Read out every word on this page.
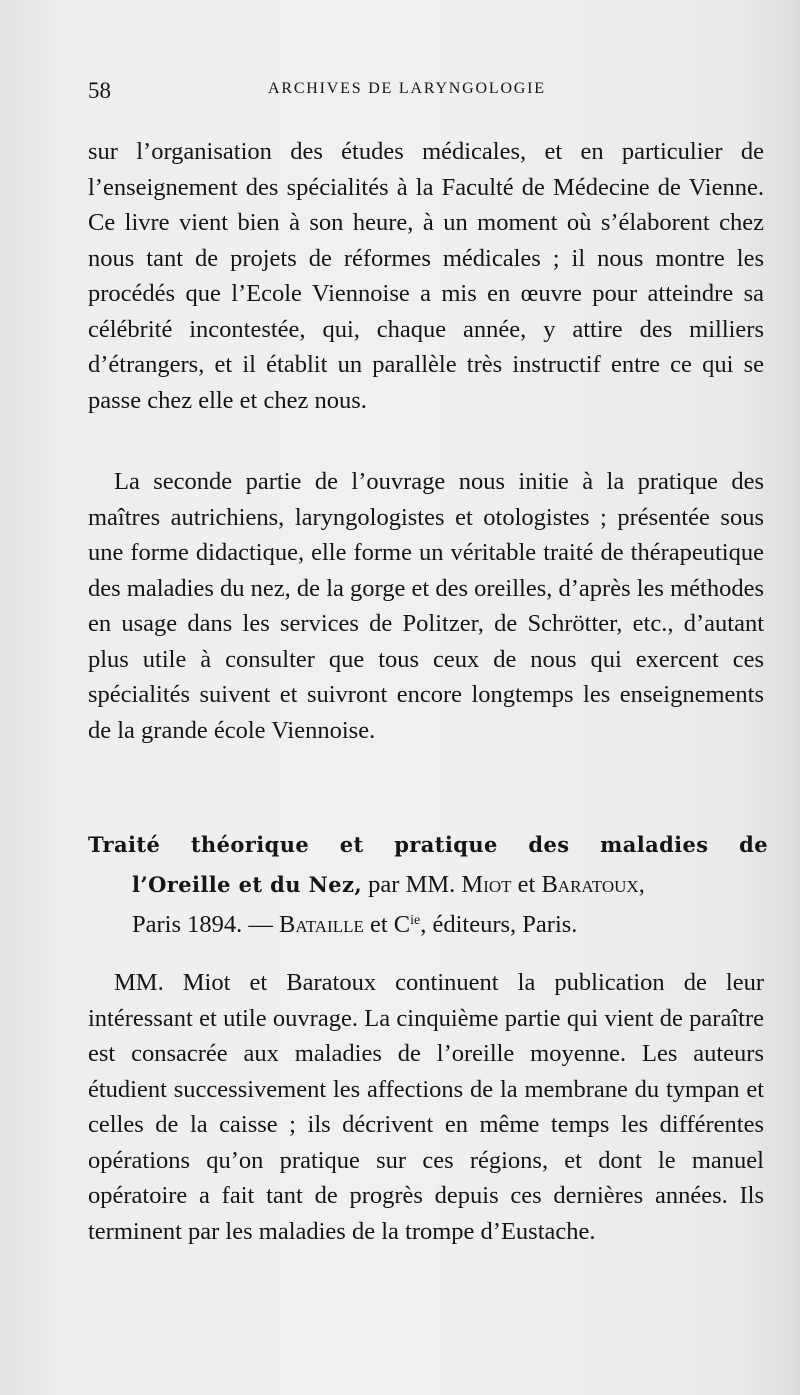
58	ARCHIVES DE LARYNGOLOGIE

sur l’organisation des études médicales, et en particulier de l’enseignement des spécialités à la Faculté de Médecine de Vienne. Ce livre vient bien à son heure, à un moment où s’élaborent chez nous tant de projets de réformes médicales ; il nous montre les procédés que l’Ecole Viennoise a mis en œuvre pour atteindre sa célébrité incontestée, qui, chaque année, y attire des milliers d’étrangers, et il établit un parallèle très instructif entre ce qui se passe chez elle et chez nous.

La seconde partie de l’ouvrage nous initie à la pratique des maîtres autrichiens, laryngologistes et otologistes ; présentée sous une forme didactique, elle forme un véritable traité de thérapeutique des maladies du nez, de la gorge et des oreilles, d’après les méthodes en usage dans les services de Politzer, de Schrötter, etc., d’autant plus utile à consulter que tous ceux de nous qui exercent ces spécialités suivent et suivront encore longtemps les enseignements de la grande école Viennoise.

Traité théorique et pratique des maladies de
l’Oreille et du Nez, par MM. Miot et Baratoux,
Paris 1894. — Bataille et $C^{ie}$, éditeurs, Paris.

MM. Miot et Baratoux continuent la publication de leur intéressant et utile ouvrage. La cinquième partie qui vient de paraître est consacrée aux maladies de l’oreille moyenne. Les auteurs étudient successivement les affections de la membrane du tympan et celles de la caisse ; ils décrivent en même temps les différentes opérations qu’on pratique sur ces régions, et dont le manuel opératoire a fait tant de progrès depuis ces dernières années. Ils terminent par les maladies de la trompe d’Eustache.
